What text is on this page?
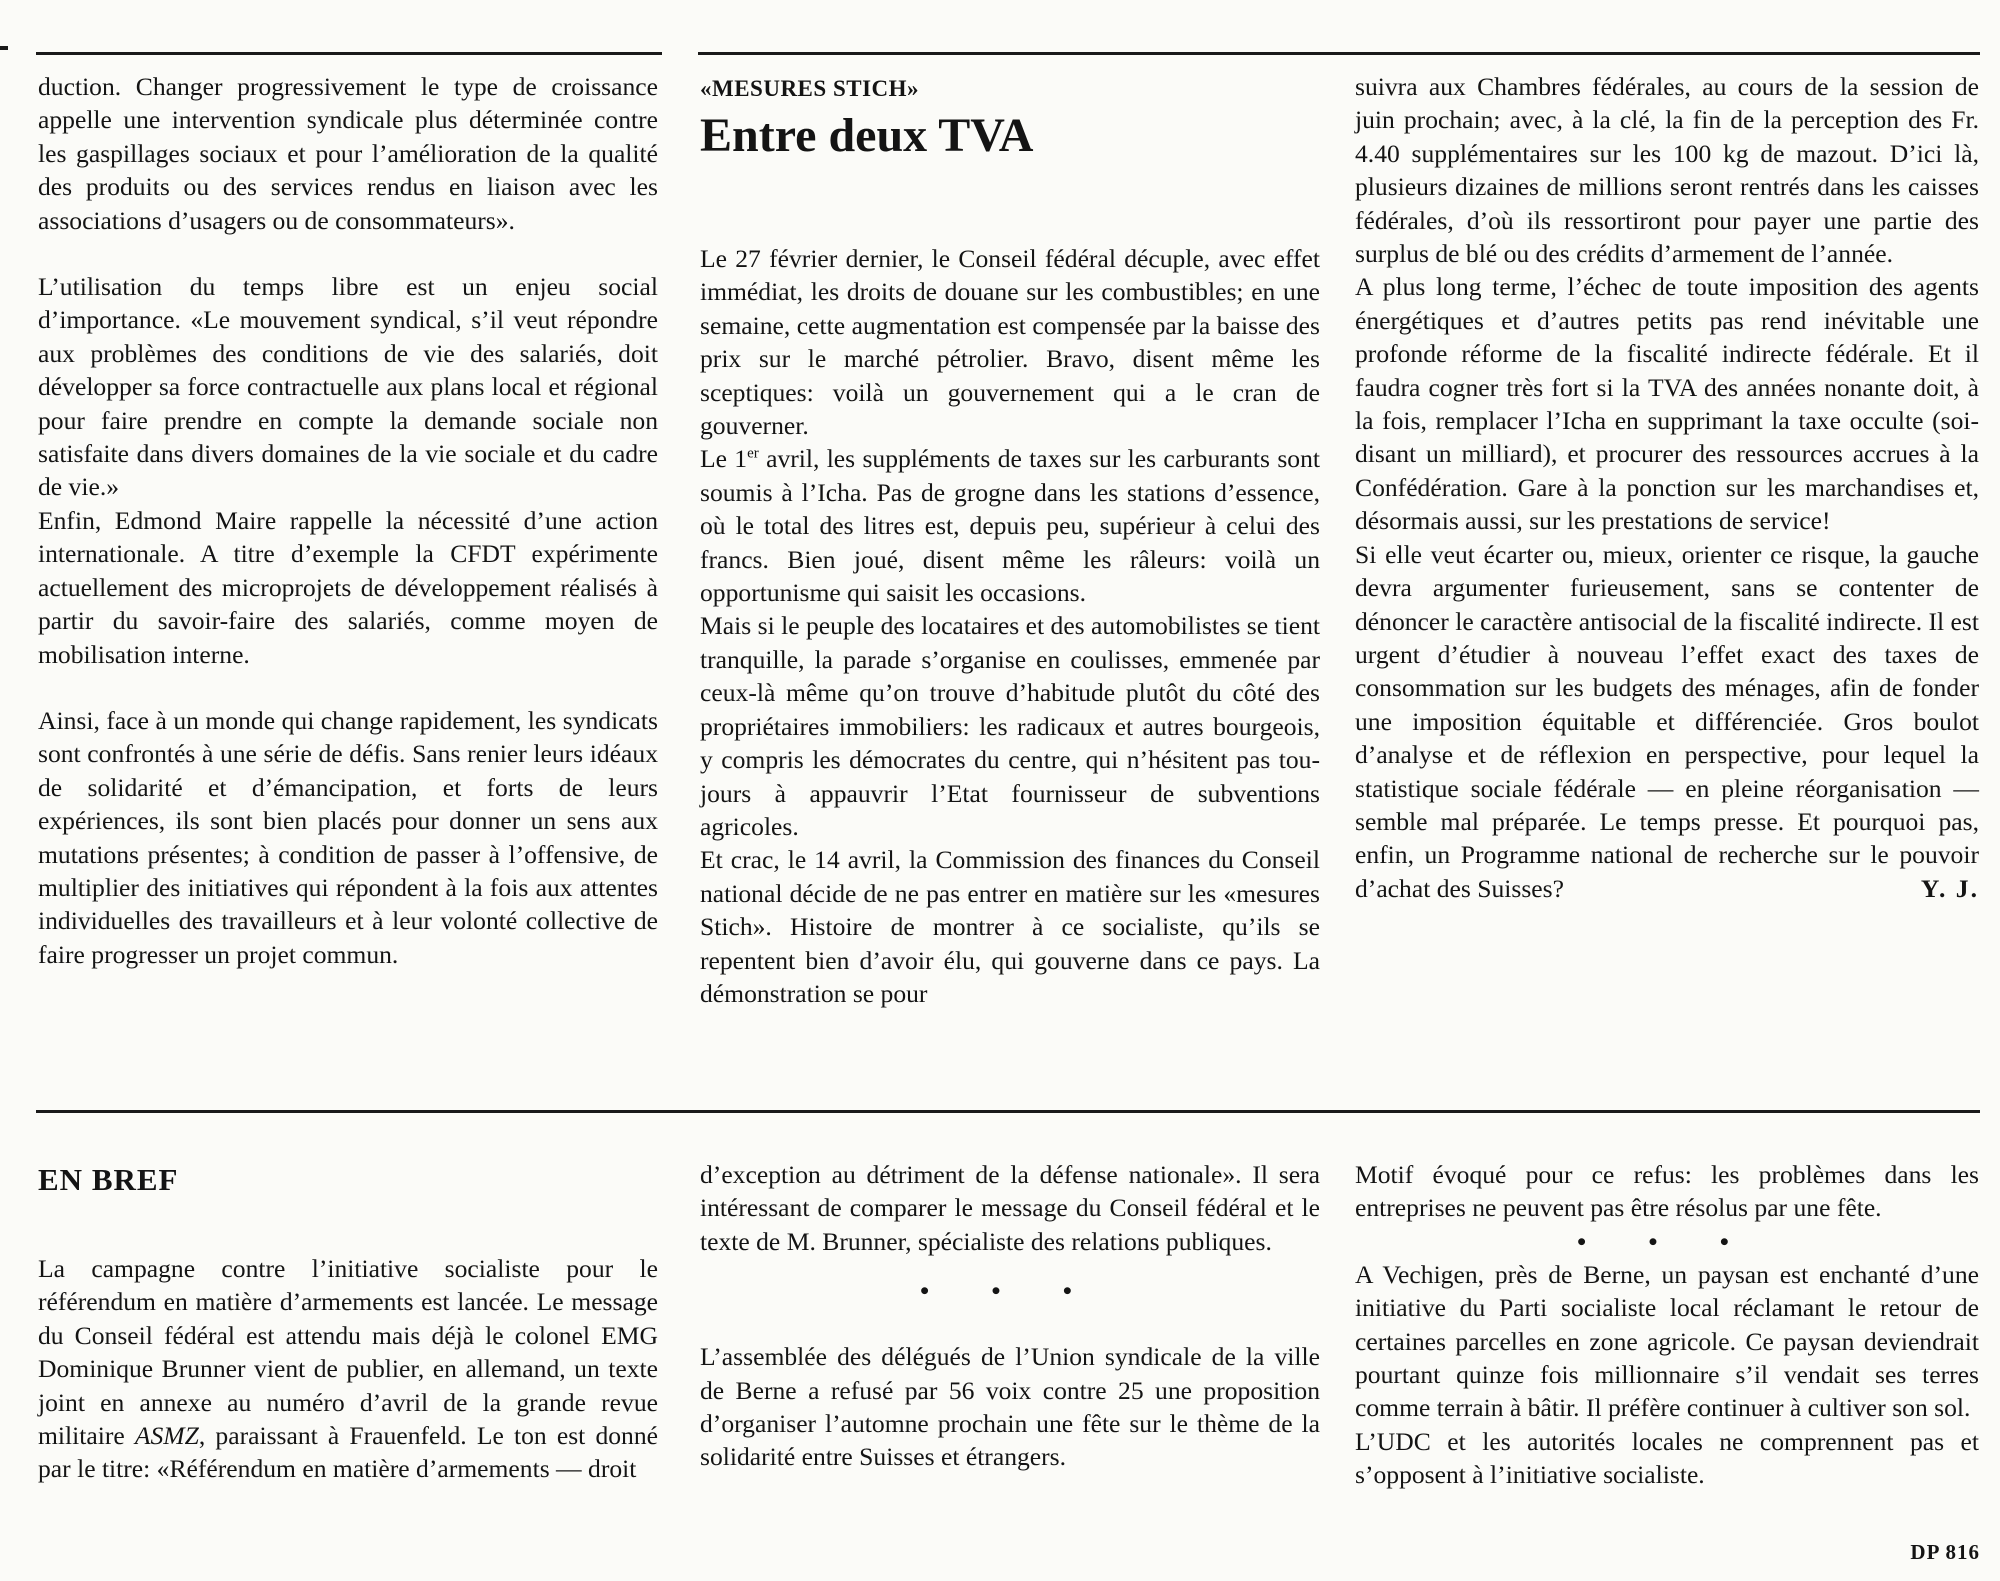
duction. Changer progressivement le type de croissance appelle une intervention syndicale plus déterminée contre les gaspillages sociaux et pour l’amélioration de la qualité des produits ou des services rendus en liaison avec les associations d’usagers ou de consommateurs».

L’utilisation du temps libre est un enjeu social d’importance. «Le mouvement syndical, s’il veut répondre aux problèmes des conditions de vie des salariés, doit développer sa force contractuelle aux plans local et régional pour faire prendre en compte la demande sociale non satisfaite dans divers domaines de la vie sociale et du cadre de vie.»

Enfin, Edmond Maire rappelle la nécessité d’une action internationale. A titre d’exemple la CFDT expérimente actuellement des microprojets de développement réalisés à partir du savoir-faire des salariés, comme moyen de mobilisation interne.

Ainsi, face à un monde qui change rapidement, les syndicats sont confrontés à une série de défis. Sans renier leurs idéaux de solidarité et d’émancipation, et forts de leurs expériences, ils sont bien placés pour donner un sens aux mutations présentes; à condition de passer à l’offensive, de multiplier des initiatives qui répondent à la fois aux attentes individuelles des travailleurs et à leur volonté collective de faire progresser un projet commun.

«MESURES STICH»
Entre deux TVA

Le 27 février dernier, le Conseil fédéral décuple, avec effet immédiat, les droits de douane sur les combustibles; en une semaine, cette augmentation est compensée par la baisse des prix sur le marché pétrolier. Bravo, disent même les sceptiques: voilà un gouvernement qui a le cran de gouverner.

Le 1er avril, les suppléments de taxes sur les carburants sont soumis à l’Icha. Pas de grogne dans les stations d’essence, où le total des litres est, depuis peu, supérieur à celui des francs. Bien joué, disent même les râleurs: voilà un opportunisme qui saisit les occasions.

Mais si le peuple des locataires et des automobilistes se tient tranquille, la parade s’organise en coulisses, emmenée par ceux-là même qu’on trouve d’habitude plutôt du côté des propriétaires immobiliers: les radicaux et autres bourgeois, y compris les démocrates du centre, qui n’hésitent pas toujours à appauvrir l’Etat fournisseur de subventions agricoles.

Et crac, le 14 avril, la Commission des finances du Conseil national décide de ne pas entrer en matière sur les «mesures Stich». Histoire de montrer à ce socialiste, qu’ils se repentent bien d’avoir élu, qui gouverne dans ce pays. La démonstration se pour

suivra aux Chambres fédérales, au cours de la session de juin prochain; avec, à la clé, la fin de la perception des Fr. 4.40 supplémentaires sur les 100 kg de mazout. D’ici là, plusieurs dizaines de millions seront rentrés dans les caisses fédérales, d’où ils ressortiront pour payer une partie des surplus de blé ou des crédits d’armement de l’année.

A plus long terme, l’échec de toute imposition des agents énergétiques et d’autres petits pas rend inévitable une profonde réforme de la fiscalité indirecte fédérale. Et il faudra cogner très fort si la TVA des années nonante doit, à la fois, remplacer l’Icha en supprimant la taxe occulte (soi-disant un milliard), et procurer des ressources accrues à la Confédération. Gare à la ponction sur les marchandises et, désormais aussi, sur les prestations de service!

Si elle veut écarter ou, mieux, orienter ce risque, la gauche devra argumenter furieusement, sans se contenter de dénoncer le caractère antisocial de la fiscalité indirecte. Il est urgent d’étudier à nouveau l’effet exact des taxes de consommation sur les budgets des ménages, afin de fonder une imposition équitable et différenciée. Gros boulot d’analyse et de réflexion en perspective, pour lequel la statistique sociale fédérale — en pleine réorganisation — semble mal préparée. Le temps presse. Et pourquoi pas, enfin, un Programme national de recherche sur le pouvoir d’achat des Suisses?	Y. J.

EN BREF

La campagne contre l’initiative socialiste pour le référendum en matière d’armements est lancée. Le message du Conseil fédéral est attendu mais déjà le colonel EMG Dominique Brunner vient de publier, en allemand, un texte joint en annexe au numéro d’avril de la grande revue militaire ASMZ, paraissant à Frauenfeld. Le ton est donné par le titre: «Référendum en matière d’armements — droit

d’exception au détriment de la défense nationale». Il sera intéressant de comparer le message du Conseil fédéral et le texte de M. Brunner, spécialiste des relations publiques.

• • •

L’assemblée des délégués de l’Union syndicale de la ville de Berne a refusé par 56 voix contre 25 une proposition d’organiser l’automne prochain une fête sur le thème de la solidarité entre Suisses et étrangers.

Motif évoqué pour ce refus: les problèmes dans les entreprises ne peuvent pas être résolus par une fête.

• • •

A Vechigen, près de Berne, un paysan est enchanté d’une initiative du Parti socialiste local réclamant le retour de certaines parcelles en zone agricole. Ce paysan deviendrait pourtant quinze fois millionnaire s’il vendait ses terres comme terrain à bâtir. Il préfère continuer à cultiver son sol.

L’UDC et les autorités locales ne comprennent pas et s’opposent à l’initiative socialiste.

DP 816
